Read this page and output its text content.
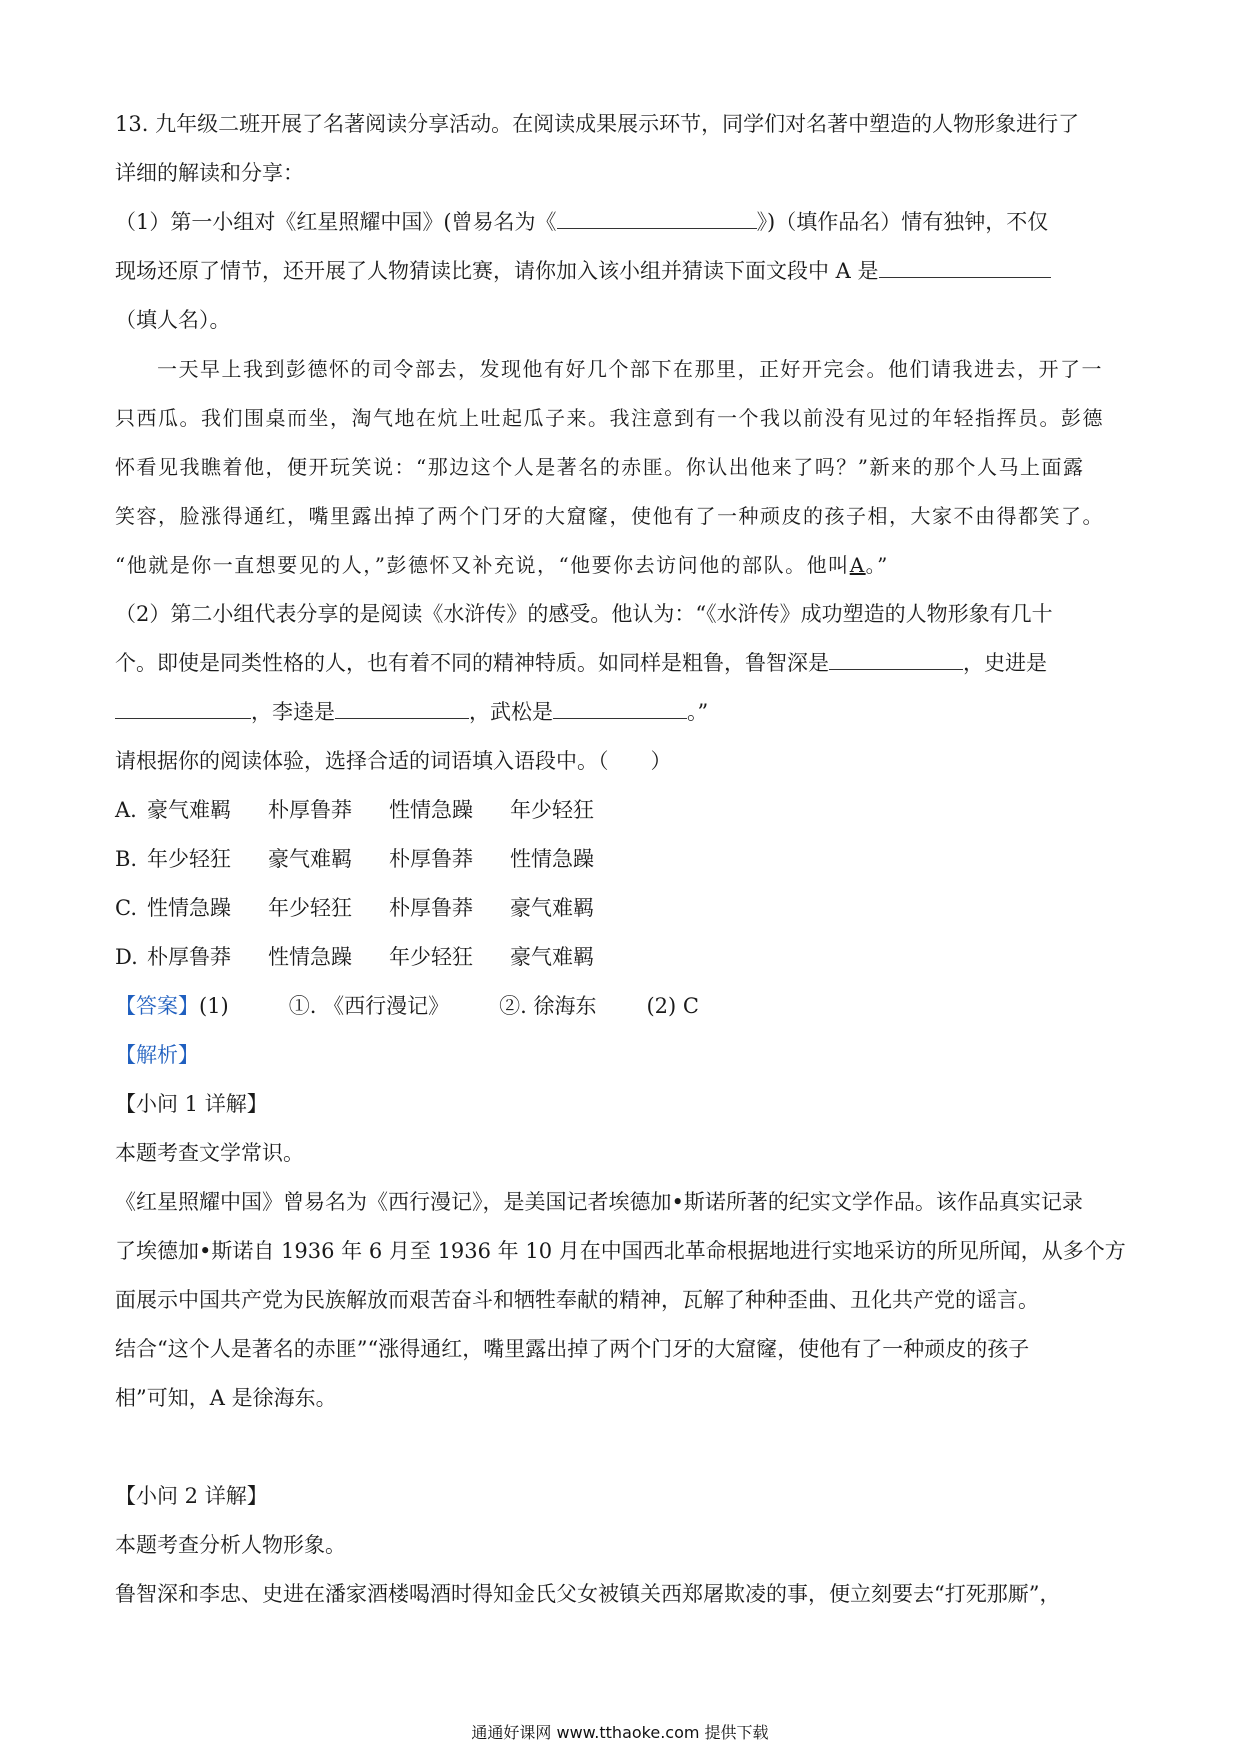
13. 九年级二班开展了名著阅读分享活动。在阅读成果展示环节，同学们对名著中塑造的人物形象进行了
详细的解读和分享：
（1）第一小组对《红星照耀中国》(曾易名为《	》)（填作品名）情有独钟，不仅
现场还原了情节，还开展了人物猜读比赛，请你加入该小组并猜读下面文段中 A 是
（填人名）。
一天早上我到彭德怀的司令部去，发现他有好几个部下在那里，正好开完会。他们请我进去，开了一
只西瓜。我们围桌而坐，淘气地在炕上吐起瓜子来。我注意到有一个我以前没有见过的年轻指挥员。彭德
怀看见我瞧着他，便开玩笑说：“那边这个人是著名的赤匪。你认出他来了吗？”新来的那个人马上面露
笑容，脸涨得通红，嘴里露出掉了两个门牙的大窟窿，使他有了一种顽皮的孩子相，大家不由得都笑了。
“他就是你一直想要见的人，”彭德怀又补充说，“他要你去访问他的部队。他叫A。”
（2）第二小组代表分享的是阅读《水浒传》的感受。他认为：“《水浒传》成功塑造的人物形象有几十
个。即使是同类性格的人，也有着不同的精神特质。如同样是粗鲁，鲁智深是	，史进是
，李逵是	，武松是	。”
请根据你的阅读体验，选择合适的词语填入语段中。（　　）
A. 豪气难羁 朴厚鲁莽 性情急躁 年少轻狂
B. 年少轻狂 豪气难羁 朴厚鲁莽 性情急躁
C. 性情急躁 年少轻狂 朴厚鲁莽 豪气难羁
D. 朴厚鲁莽 性情急躁 年少轻狂 豪气难羁
【答案】(1)	①. 《西行漫记》 ②. 徐海东 (2) C
【解析】
【小问 1 详解】
本题考查文学常识。
《红星照耀中国》曾易名为《西行漫记》，是美国记者埃德加•斯诺所著的纪实文学作品。该作品真实记录
了埃德加•斯诺自 1936 年 6 月至 1936 年 10 月在中国西北革命根据地进行实地采访的所见所闻，从多个方
面展示中国共产党为民族解放而艰苦奋斗和牺牲奉献的精神，瓦解了种种歪曲、丑化共产党的谣言。
结合“这个人是著名的赤匪”“涨得通红，嘴里露出掉了两个门牙的大窟窿，使他有了一种顽皮的孩子
相”可知，A 是徐海东。
【小问 2 详解】
本题考查分析人物形象。
鲁智深和李忠、史进在潘家酒楼喝酒时得知金氏父女被镇关西郑屠欺凌的事，便立刻要去“打死那厮”，
通通好课网 www.tthaoke.com 提供下载
